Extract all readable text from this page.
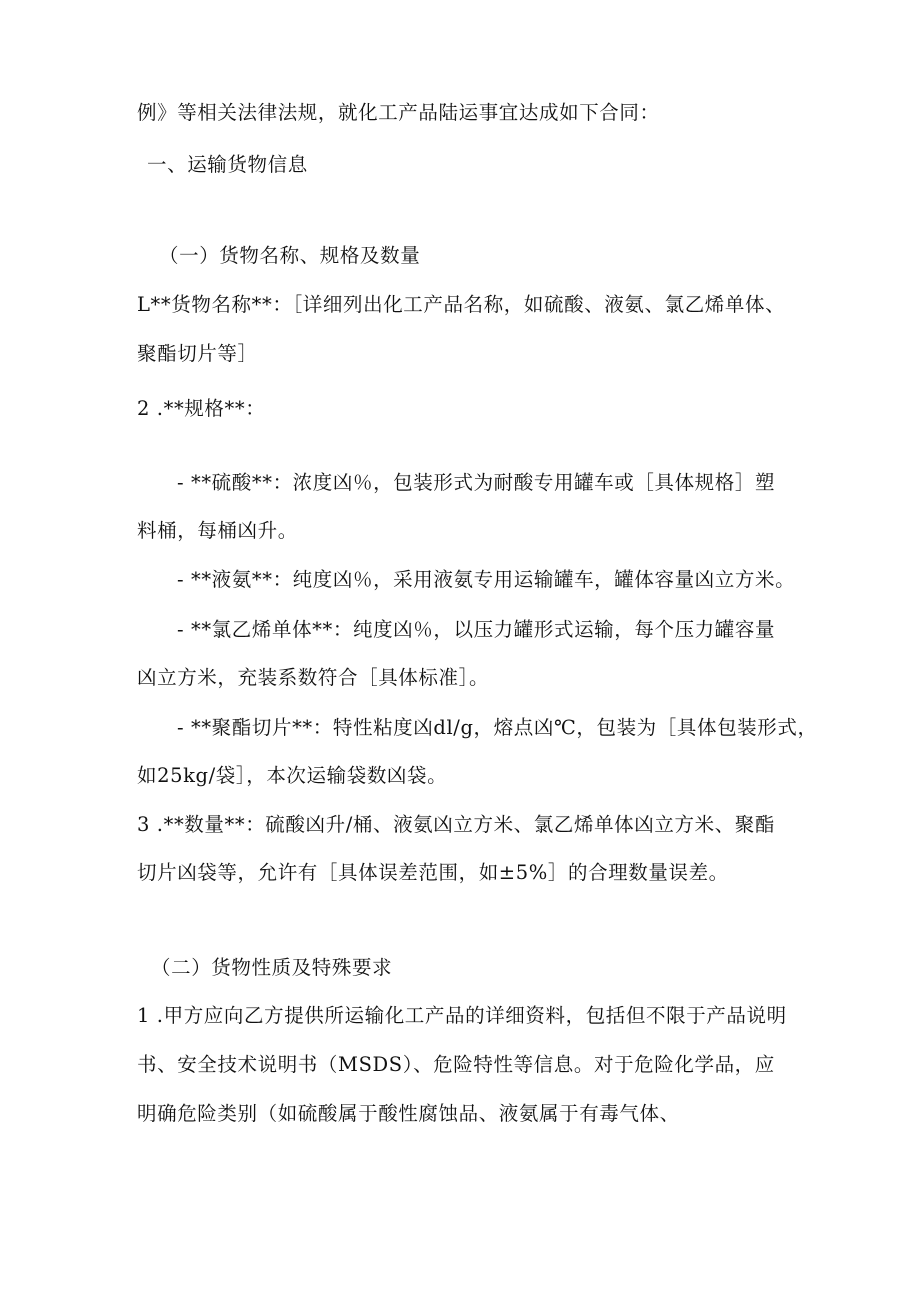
例》等相关法律法规，就化工产品陆运事宜达成如下合同：
一、运输货物信息
（一）货物名称、规格及数量
L**货物名称**：［详细列出化工产品名称，如硫酸、液氨、氯乙烯单体、
聚酯切片等］
2 .**规格**：
- **硫酸**：浓度凶％，包装形式为耐酸专用罐车或［具体规格］塑
料桶，每桶凶升。
- **液氨**：纯度凶％，采用液氨专用运输罐车，罐体容量凶立方米。
- **氯乙烯单体**：纯度凶％，以压力罐形式运输，每个压力罐容量
凶立方米，充装系数符合［具体标准］。
- **聚酯切片**：特性粘度凶dl/g，熔点凶℃，包装为［具体包装形式，
如25kg/袋］，本次运输袋数凶袋。
3 .**数量**：硫酸凶升/桶、液氨凶立方米、氯乙烯单体凶立方米、聚酯
切片凶袋等，允许有［具体误差范围，如±5%］的合理数量误差。
（二）货物性质及特殊要求
1 .甲方应向乙方提供所运输化工产品的详细资料，包括但不限于产品说明
书、安全技术说明书（MSDS）、危险特性等信息。对于危险化学品，应
明确危险类别（如硫酸属于酸性腐蚀品、液氨属于有毒气体、
